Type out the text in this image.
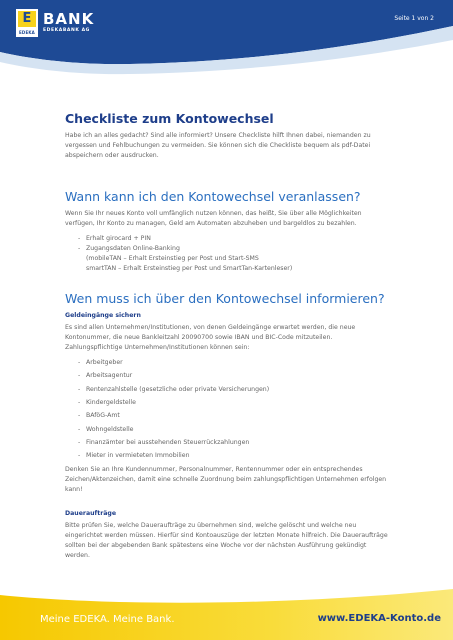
E
EDEKA
BANK
EDEKABANK AG
Seite 1 von 2
Checkliste zum Kontowechsel

Habe ich an alles gedacht? Sind alle informiert? Unsere Checkliste hilft Ihnen dabei, niemanden zu vergessen und Fehlbuchungen zu vermeiden. Sie können sich die Checkliste bequem als pdf-Datei abspeichern oder ausdrucken.

Wann kann ich den Kontowechsel veranlassen?

Wenn Sie Ihr neues Konto voll umfänglich nutzen können, das heißt, Sie über alle Möglichkeiten verfügen, Ihr Konto zu managen, Geld am Automaten abzuheben und bargeldlos zu bezahlen.

- Erhalt girocard + PIN
- Zugangsdaten Online-Banking
(mobileTAN – Erhalt Ersteinstieg per Post und Start-SMS
smartTAN – Erhalt Ersteinstieg per Post und SmartTan-Kartenleser)
Wen muss ich über den Kontowechsel informieren?
Geldeingänge sichern

Es sind allen Unternehmen/Institutionen, von denen Geldeingänge erwartet werden, die neue Kontonummer, die neue Bankleitzahl 20090700 sowie IBAN und BIC-Code mitzuteilen. Zahlungspflichtige Unternehmen/Institutionen können sein:

- Arbeitgeber
- Arbeitsagentur
- Rentenzahlstelle (gesetzliche oder private Versicherungen)
- Kindergeldstelle
- BAföG-Amt
- Wohngeldstelle
- Finanzämter bei ausstehenden Steuerrückzahlungen
- Mieter in vermieteten Immobilien

Denken Sie an Ihre Kundennummer, Personalnummer, Rentennummer oder ein entsprechendes Zeichen/Aktenzeichen, damit eine schnelle Zuordnung beim zahlungspflichtigen Unternehmen erfolgen kann!

Daueraufträge

Bitte prüfen Sie, welche Daueraufträge zu übernehmen sind, welche gelöscht und welche neu eingerichtet werden müssen. Hierfür sind Kontoauszüge der letzten Monate hilfreich. Die Daueraufträge sollten bei der abgebenden Bank spätestens eine Woche vor der nächsten Ausführung gekündigt werden.

Meine EDEKA. Meine Bank.	www.EDEKA-Konto.de
